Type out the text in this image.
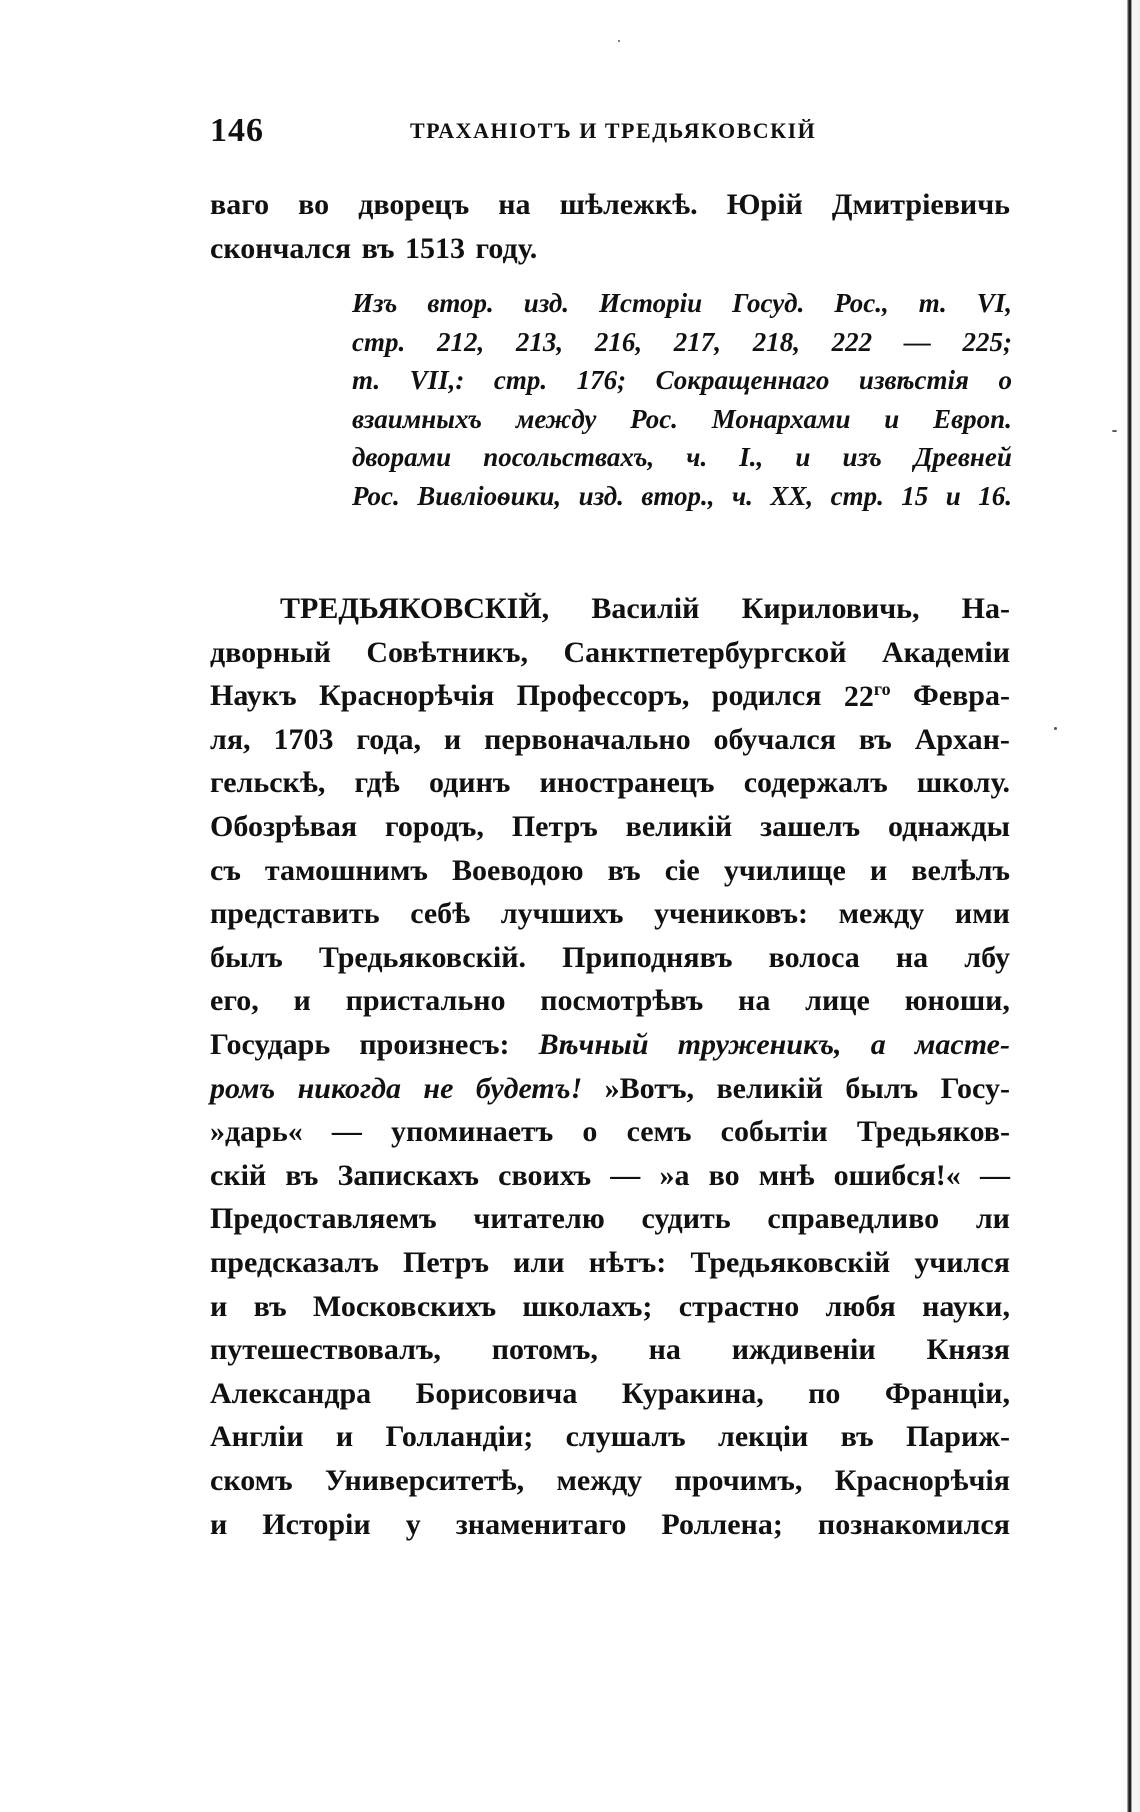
146	ТРАХАНІОТЪ И ТРЕДЬЯКОВСКІЙ
ваго во дворецъ на шѣлежкѣ. Юрій Дмитріевичь
скончался въ 1513 году.
Изъ втор. изд. Исторіи Госуд. Рос., т. VI,
стр. 212, 213, 216, 217, 218, 222 — 225;
т. VII,: стр. 176; Сокращеннаго извѣстія о
взаимныхъ между Рос. Монархами и Европ.
дворами посольствахъ, ч. I., и изъ Древней
Рос. Вивліоѳики, изд. втор., ч. XX, стр. 15 и 16.
ТРЕДЬЯКОВСКІЙ, Василій Кириловичь, На-
дворный Совѣтникъ, Санктпетербургской Академіи
Наукъ Краснорѣчія Профессоръ, родился $22^{го}$ Февра-
ля, 1703 года, и первоначально обучался въ Архан-
гельскѣ, гдѣ одинъ иностранецъ содержалъ школу.
Обозрѣвая городъ, Петръ великій зашелъ однажды
съ тамошнимъ Воеводою въ сіе училище и велѣлъ
представить себѣ лучшихъ учениковъ: между ими
былъ Тредьяковскій. Приподнявъ волоса на лбу
его, и пристально посмотрѣвъ на лице юноши,
Государь произнесъ: Вѣчный труженикъ, а масте-
ромъ никогда не будетъ! »Вотъ, великій былъ Госу-
»дарь« — упоминаетъ о семъ событіи Тредьяков-
скій въ Запискахъ своихъ — »а во мнѣ ошибся!« —
Предоставляемъ читателю судить справедливо ли
предсказалъ Петръ или нѣтъ: Тредьяковскій учился
и въ Московскихъ школахъ; страстно любя науки,
путешествовалъ, потомъ, на иждивеніи Князя
Александра Борисовича Куракина, по Франціи,
Англіи и Голландіи; слушалъ лекціи въ Париж-
скомъ Университетѣ, между прочимъ, Краснорѣчія
и Исторіи у знаменитаго Роллена; познакомился
